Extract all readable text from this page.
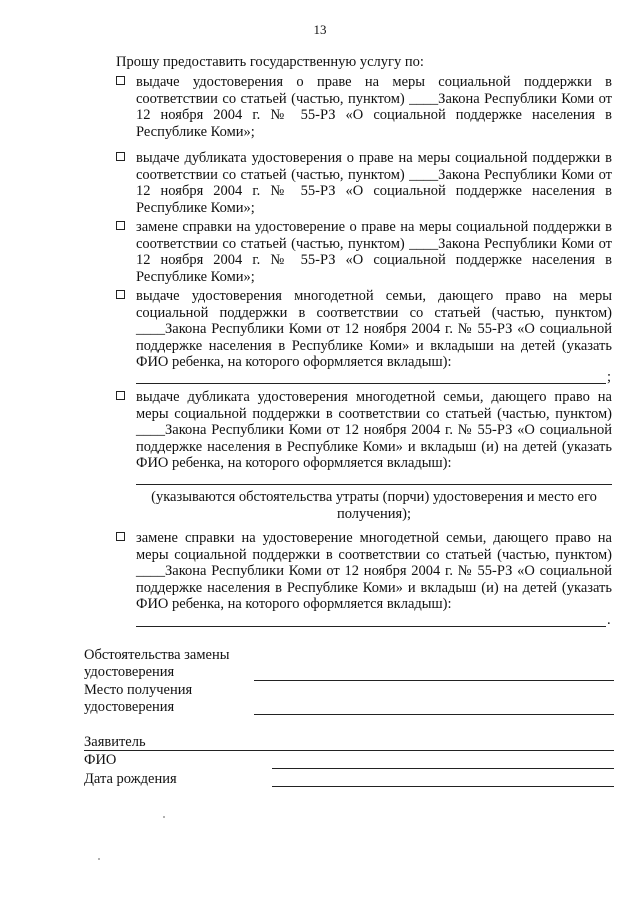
13
Прошу предоставить государственную услугу по:
выдаче удостоверения о праве на меры социальной поддержки в соответствии со статьей (частью, пунктом) ____Закона Республики Коми от 12 ноября 2004 г. № 55-РЗ «О социальной поддержке населения в Республике Коми»;
выдаче дубликата удостоверения о праве на меры социальной поддержки в соответствии со статьей (частью, пунктом) ____Закона Республики Коми от 12 ноября 2004 г. № 55-РЗ «О социальной поддержке населения в Республике Коми»;
замене справки на удостоверение о праве на меры социальной поддержки в соответствии со статьей (частью, пунктом) ____Закона Республики Коми от 12 ноября 2004 г. № 55-РЗ «О социальной поддержке населения в Республике Коми»;
выдаче удостоверения многодетной семьи, дающего право на меры социальной поддержки в соответствии со статьей (частью, пунктом) ____Закона Республики Коми от 12 ноября 2004 г. № 55-РЗ «О социальной поддержке населения в Республике Коми» и вкладыши на детей (указать ФИО ребенка, на которого оформляется вкладыш):
;
выдаче дубликата удостоверения многодетной семьи, дающего право на меры социальной поддержки в соответствии со статьей (частью, пунктом) ____Закона Республики Коми от 12 ноября 2004 г. № 55-РЗ «О социальной поддержке населения в Республике Коми» и вкладыш (и) на детей (указать ФИО ребенка, на которого оформляется вкладыш):
(указываются обстоятельства утраты (порчи) удостоверения и место его получения);
замене справки на удостоверение многодетной семьи, дающего право на меры социальной поддержки в соответствии со статьей (частью, пунктом) ____Закона Республики Коми от 12 ноября 2004 г. № 55-РЗ «О социальной поддержке населения в Республике Коми» и вкладыш (и) на детей (указать ФИО ребенка, на которого оформляется вкладыш):
.
Обстоятельства замены удостоверения
Место получения удостоверения
Заявитель
ФИО
Дата рождения
